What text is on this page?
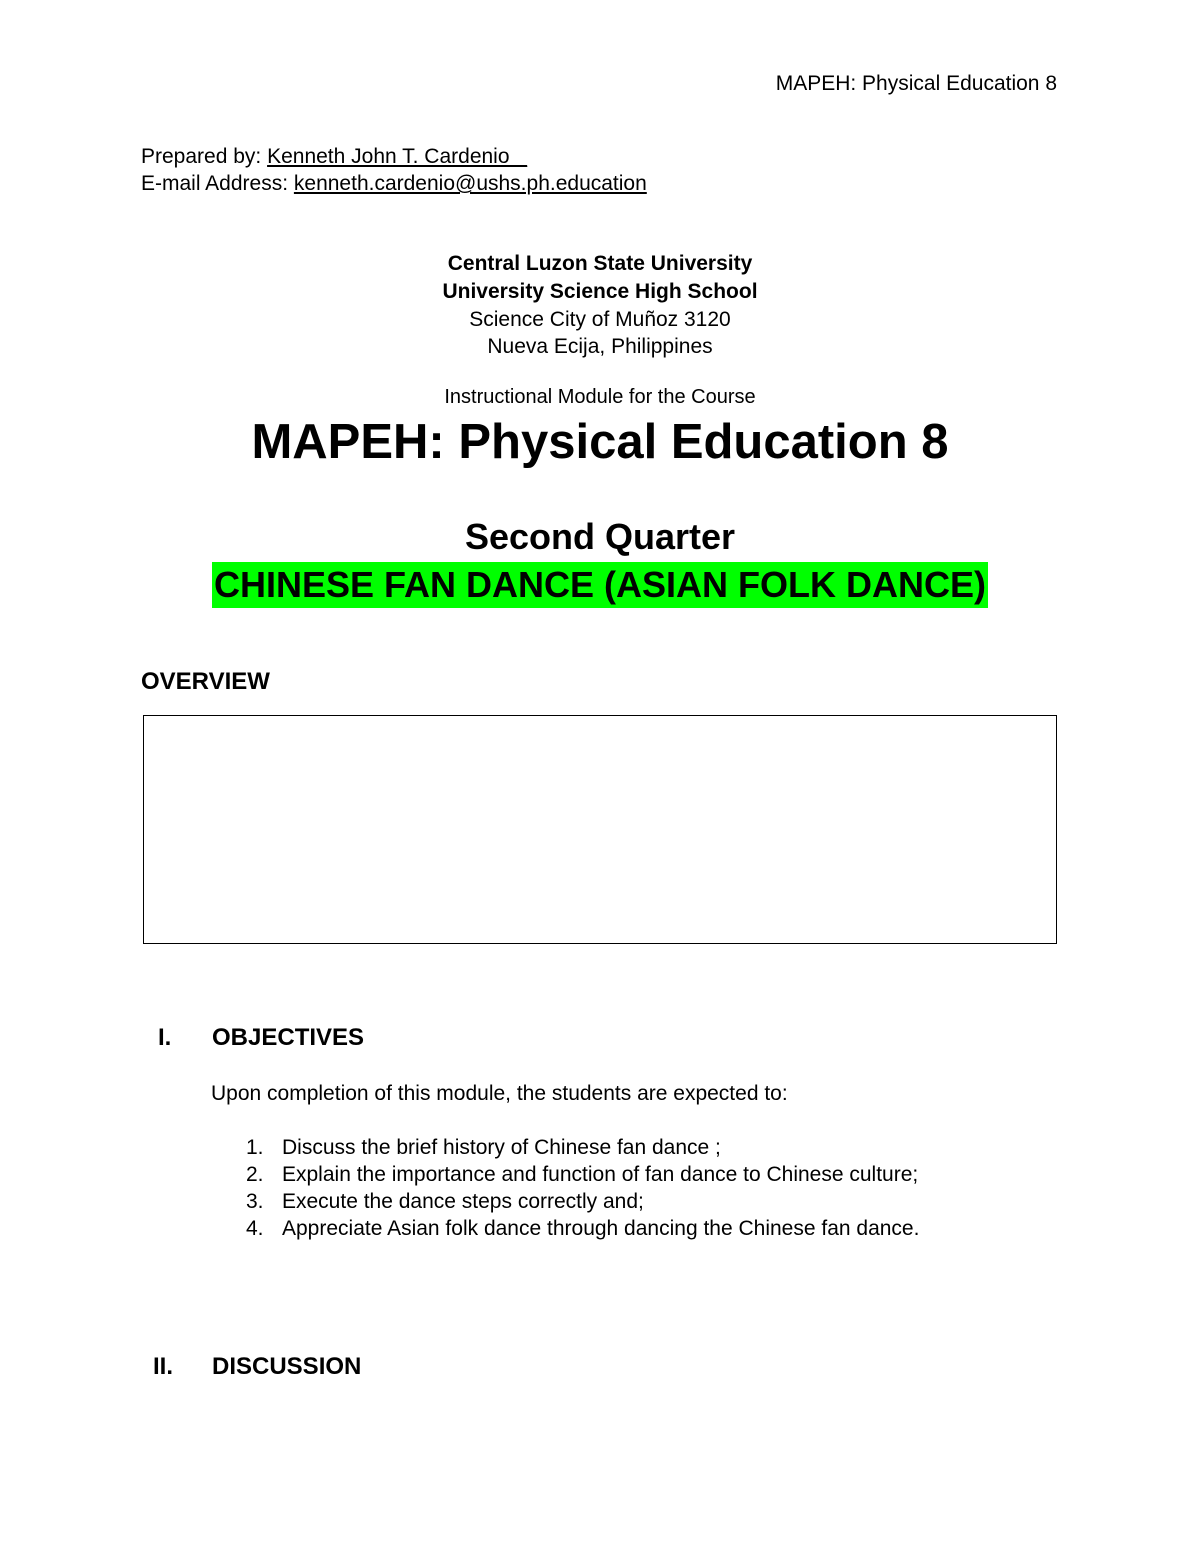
MAPEH: Physical Education 8
Prepared by: Kenneth John T. Cardenio _
E-mail Address: kenneth.cardenio@ushs.ph.education
Central Luzon State University
University Science High School
Science City of Muñoz 3120
Nueva Ecija, Philippines
Instructional Module for the Course
MAPEH: Physical Education 8
Second Quarter
CHINESE FAN DANCE (ASIAN FOLK DANCE)
OVERVIEW
I. OBJECTIVES
Upon completion of this module, the students are expected to:
1. Discuss the brief history of Chinese fan dance ;
2. Explain the importance and function of fan dance to Chinese culture;
3. Execute the dance steps correctly and;
4. Appreciate Asian folk dance through dancing the Chinese fan dance.
II. DISCUSSION
